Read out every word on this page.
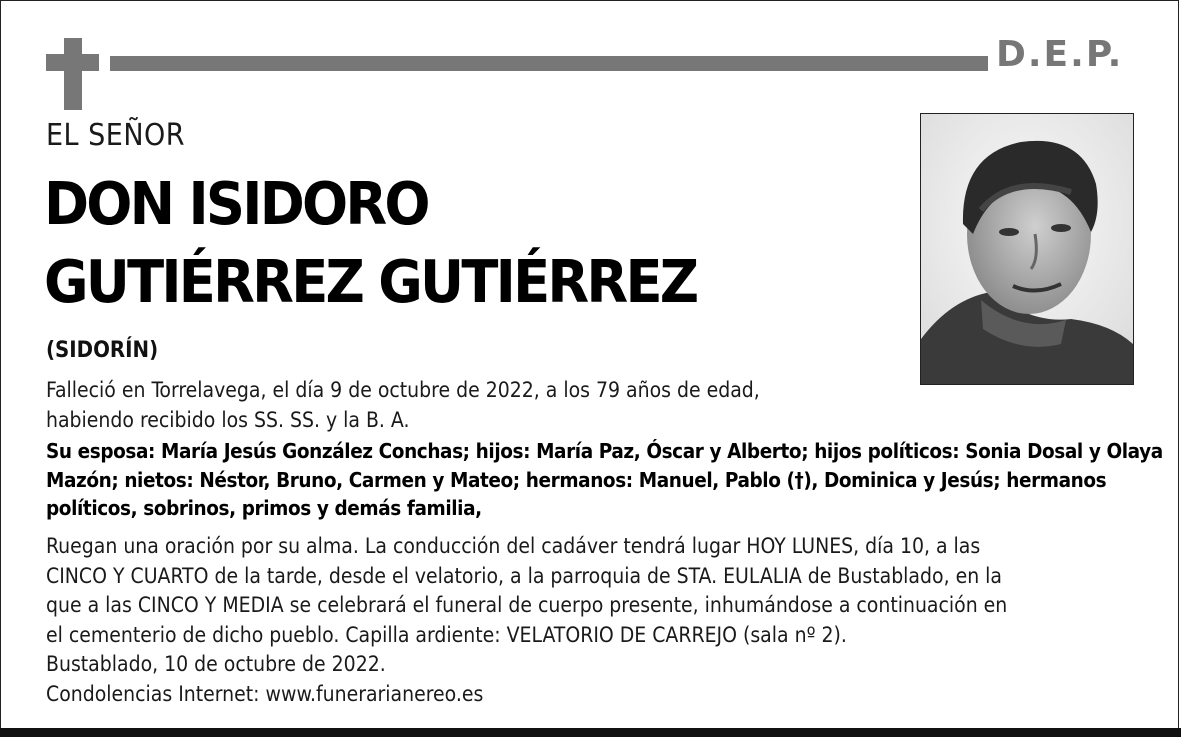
D.E.P.
EL SEÑOR
DON ISIDORO
GUTIÉRREZ GUTIÉRREZ
(SIDORÍN)
Falleció en Torrelavega, el día 9 de octubre de 2022, a los 79 años de edad,
habiendo recibido los SS. SS. y la B. A.
Su esposa: María Jesús González Conchas; hijos: María Paz, Óscar y Alberto; hijos políticos: Sonia Dosal y Olaya
Mazón; nietos: Néstor, Bruno, Carmen y Mateo; hermanos: Manuel, Pablo (†), Dominica y Jesús; hermanos
políticos, sobrinos, primos y demás familia,
Ruegan una oración por su alma. La conducción del cadáver tendrá lugar HOY LUNES, día 10, a las
CINCO Y CUARTO de la tarde, desde el velatorio, a la parroquia de STA. EULALIA de Bustablado, en la
que a las CINCO Y MEDIA se celebrará el funeral de cuerpo presente, inhumándose a continuación en
el cementerio de dicho pueblo. Capilla ardiente: VELATORIO DE CARREJO (sala nº 2).
Bustablado, 10 de octubre de 2022.
Condolencias Internet: www.funerarianereo.es
